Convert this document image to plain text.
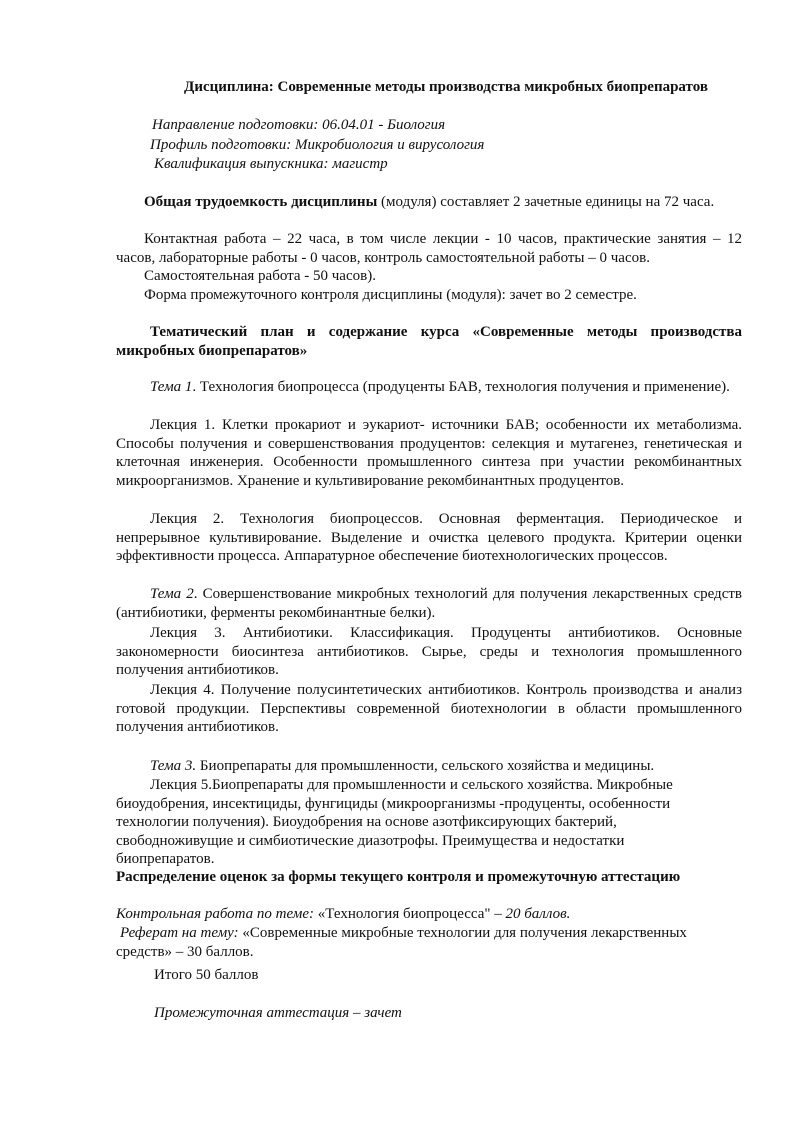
Дисциплина: Современные методы производства микробных биопрепаратов
Направление подготовки: 06.04.01 - Биология
Профиль подготовки: Микробиология и вирусология
Квалификация выпускника: магистр
Общая трудоемкость дисциплины (модуля) составляет 2 зачетные единицы на 72 часа.
Контактная работа – 22 часа, в том числе лекции - 10 часов, практические занятия – 12 часов, лабораторные работы - 0 часов, контроль самостоятельной работы – 0 часов.
Самостоятельная работа - 50 часов).
Форма промежуточного контроля дисциплины (модуля): зачет во 2 семестре.
Тематический план и содержание курса «Современные методы производства микробных биопрепаратов»
Тема 1. Технология биопроцесса (продуценты БАВ, технология получения и применение).
Лекция 1. Клетки прокариот и эукариот- источники БАВ; особенности их метаболизма. Способы получения и совершенствования продуцентов: селекция и мутагенез, генетическая и клеточная инженерия. Особенности промышленного синтеза при участии рекомбинантных микроорганизмов. Хранение и культивирование рекомбинантных продуцентов.
Лекция 2. Технология биопроцессов. Основная ферментация. Периодическое и непрерывное культивирование. Выделение и очистка целевого продукта. Критерии оценки эффективности процесса. Аппаратурное обеспечение биотехнологических процессов.
Тема 2. Совершенствование микробных технологий для получения лекарственных средств (антибиотики, ферменты рекомбинантные белки).
Лекция 3. Антибиотики. Классификация. Продуценты антибиотиков. Основные закономерности биосинтеза антибиотиков. Сырье, среды и технология промышленного получения антибиотиков.
Лекция 4. Получение полусинтетических антибиотиков. Контроль производства и анализ готовой продукции. Перспективы современной биотехнологии в области промышленного получения антибиотиков.
Тема 3. Биопрепараты для промышленности, сельского хозяйства и медицины.
Лекция 5.Биопрепараты для промышленности и сельского хозяйства. Микробные биоудобрения, инсектициды, фунгициды (микроорганизмы -продуценты, особенности технологии получения). Биоудобрения на основе азотфиксирующих бактерий, свободноживущие и симбиотические диазотрофы. Преимущества и недостатки биопрепаратов.
Распределение оценок за формы текущего контроля и промежуточную аттестацию
Контрольная работа по теме: «Технология биопроцесса" – 20 баллов.
Реферат на тему: «Современные микробные технологии для получения лекарственных средств» – 30 баллов.
Итого 50 баллов
Промежуточная аттестация – зачет
